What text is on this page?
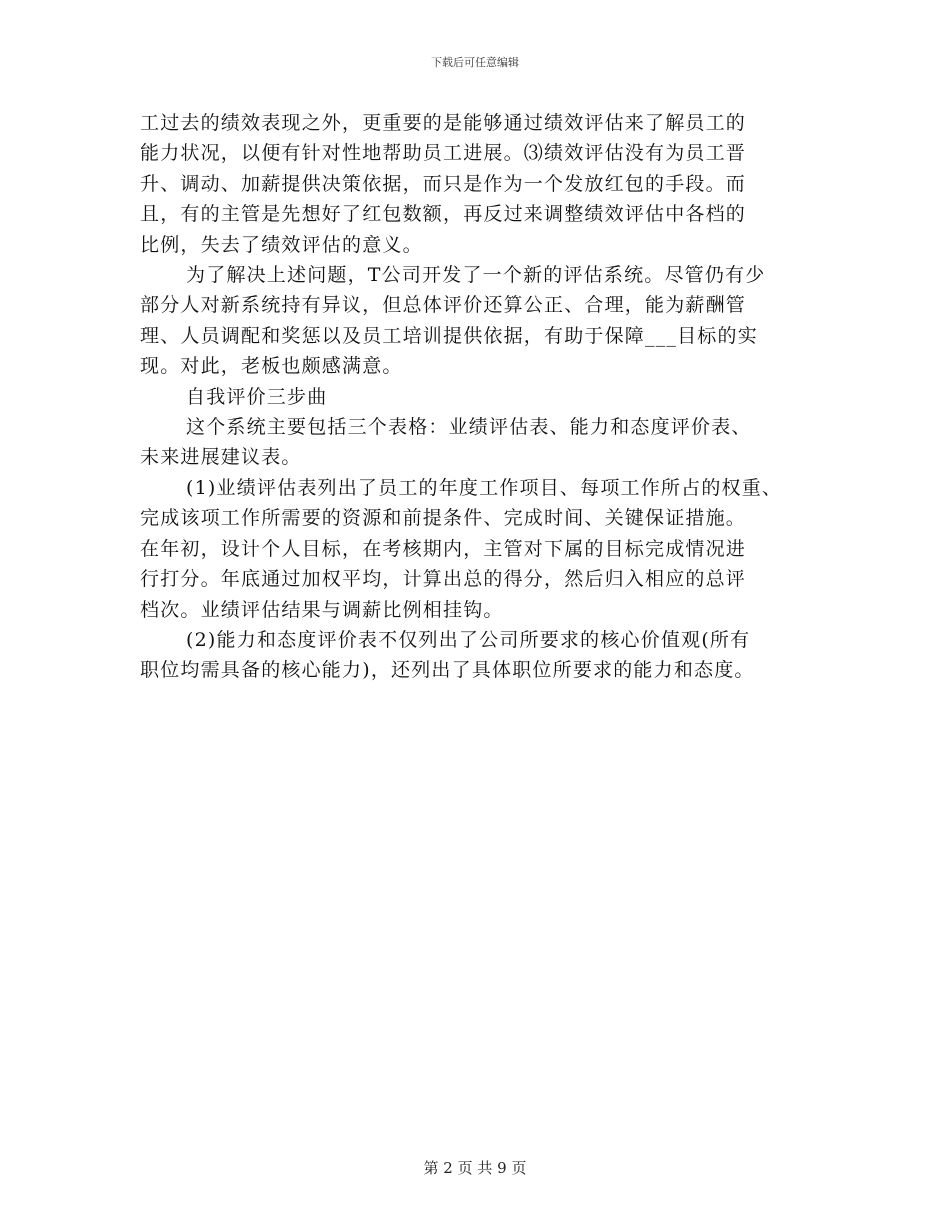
下载后可任意编辑

工过去的绩效表现之外，更重要的是能够通过绩效评估来了解员工的
能力状况，以便有针对性地帮助员工进展。⑶绩效评估没有为员工晋
升、调动、加薪提供决策依据，而只是作为一个发放红包的手段。而
且，有的主管是先想好了红包数额，再反过来调整绩效评估中各档的
比例，失去了绩效评估的意义。

为了解决上述问题，T公司开发了一个新的评估系统。尽管仍有少
部分人对新系统持有异议，但总体评价还算公正、合理，能为薪酬管
理、人员调配和奖惩以及员工培训提供依据，有助于保障___目标的实
现。对此，老板也颇感满意。

自我评价三步曲

这个系统主要包括三个表格：业绩评估表、能力和态度评价表、
未来进展建议表。

(1)业绩评估表列出了员工的年度工作项目、每项工作所占的权重、
完成该项工作所需要的资源和前提条件、完成时间、关键保证措施。
在年初，设计个人目标，在考核期内，主管对下属的目标完成情况进
行打分。年底通过加权平均，计算出总的得分，然后归入相应的总评
档次。业绩评估结果与调薪比例相挂钩。

(2)能力和态度评价表不仅列出了公司所要求的核心价值观(所有
职位均需具备的核心能力)，还列出了具体职位所要求的能力和态度。

第 2 页 共 9 页
